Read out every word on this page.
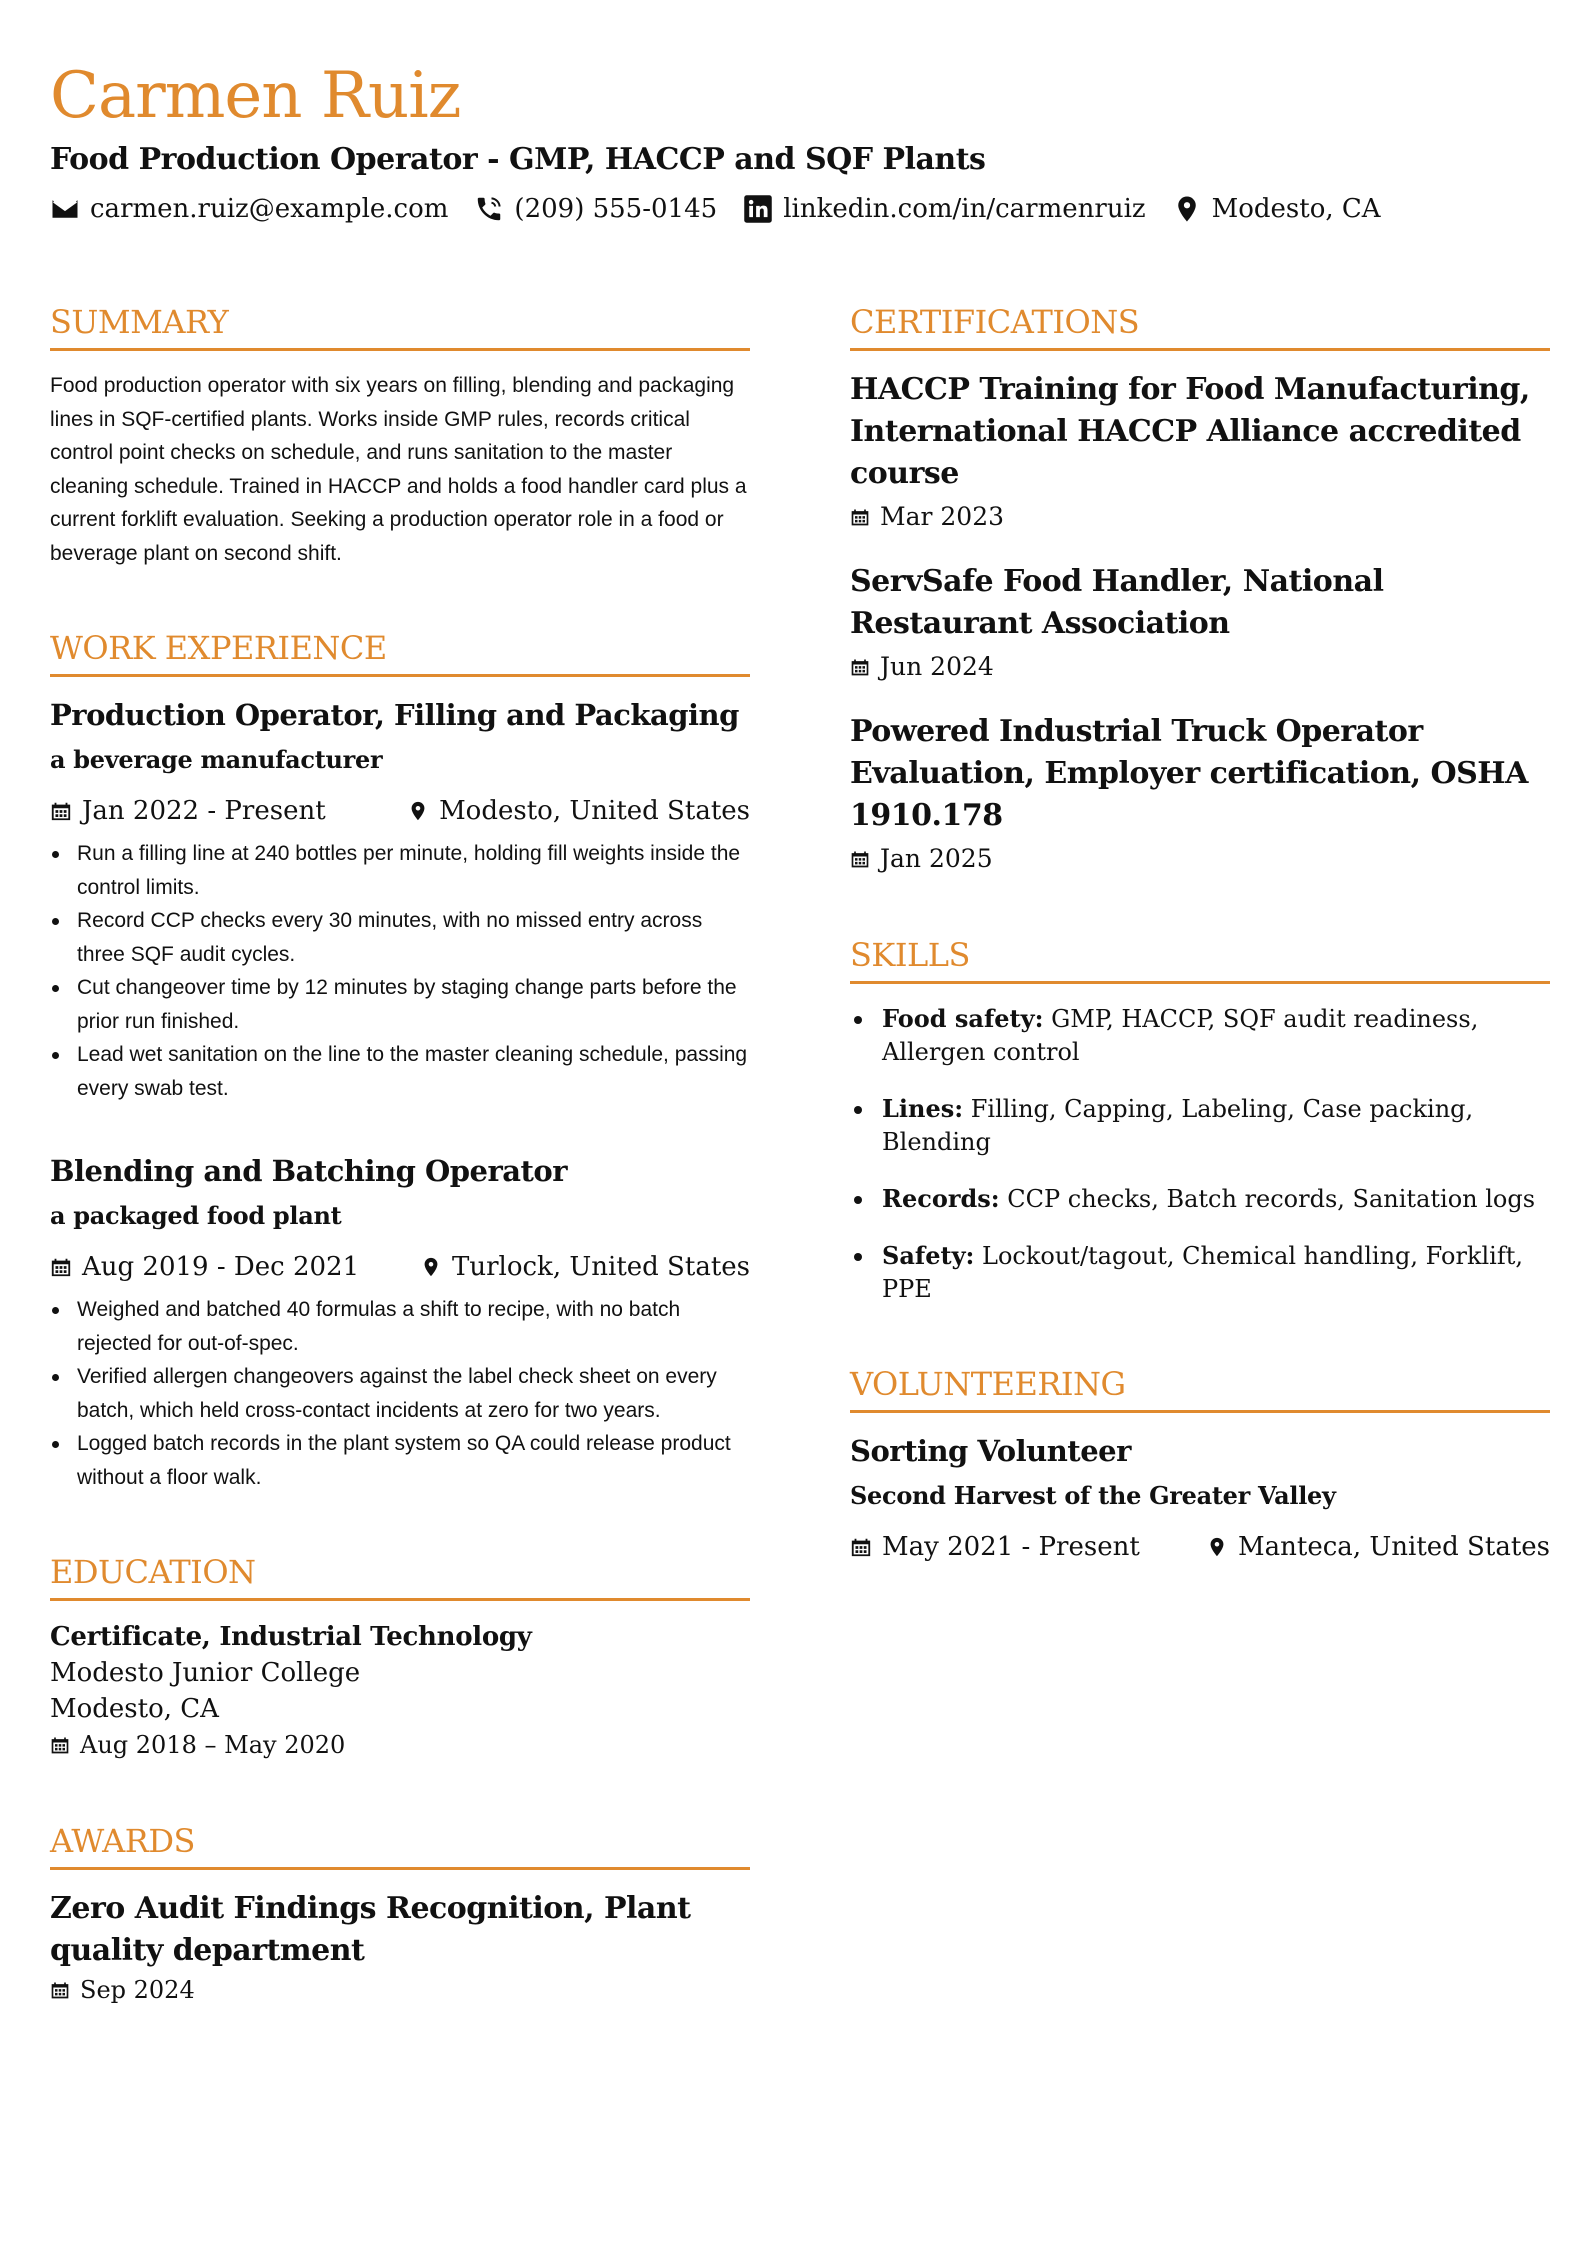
Carmen Ruiz
Food Production Operator - GMP, HACCP and SQF Plants
carmen.ruiz@example.com	(209) 555-0145	linkedin.com/in/carmenruiz	Modesto, CA
SUMMARY

Food production operator with six years on filling, blending and packaging lines in SQF-certified plants. Works inside GMP rules, records critical control point checks on schedule, and runs sanitation to the master cleaning schedule. Trained in HACCP and holds a food handler card plus a current forklift evaluation. Seeking a production operator role in a food or beverage plant on second shift.

WORK EXPERIENCE
Production Operator, Filling and Packaging
a beverage manufacturer
Jan 2022 - Present	Modesto, United States
Run a filling line at 240 bottles per minute, holding fill weights inside the control limits.
Record CCP checks every 30 minutes, with no missed entry across three SQF audit cycles.
Cut changeover time by 12 minutes by staging change parts before the prior run finished.
Lead wet sanitation on the line to the master cleaning schedule, passing every swab test.
Blending and Batching Operator
a packaged food plant
Aug 2019 - Dec 2021	Turlock, United States
Weighed and batched 40 formulas a shift to recipe, with no batch rejected for out-of-spec.
Verified allergen changeovers against the label check sheet on every batch, which held cross-contact incidents at zero for two years.
Logged batch records in the plant system so QA could release product without a floor walk.
EDUCATION
Certificate, Industrial Technology
Modesto Junior College
Modesto, CA
Aug 2018 – May 2020
AWARDS
Zero Audit Findings Recognition, Plant quality department
Sep 2024
CERTIFICATIONS
HACCP Training for Food Manufacturing, International HACCP Alliance accredited course
Mar 2023
ServSafe Food Handler, National Restaurant Association
Jun 2024
Powered Industrial Truck Operator Evaluation, Employer certification, OSHA 1910.178
Jan 2025
SKILLS
Food safety: GMP, HACCP, SQF audit readiness, Allergen control
Lines: Filling, Capping, Labeling, Case packing, Blending
Records: CCP checks, Batch records, Sanitation logs
Safety: Lockout/tagout, Chemical handling, Forklift, PPE
VOLUNTEERING
Sorting Volunteer
Second Harvest of the Greater Valley
May 2021 - Present	Manteca, United States
